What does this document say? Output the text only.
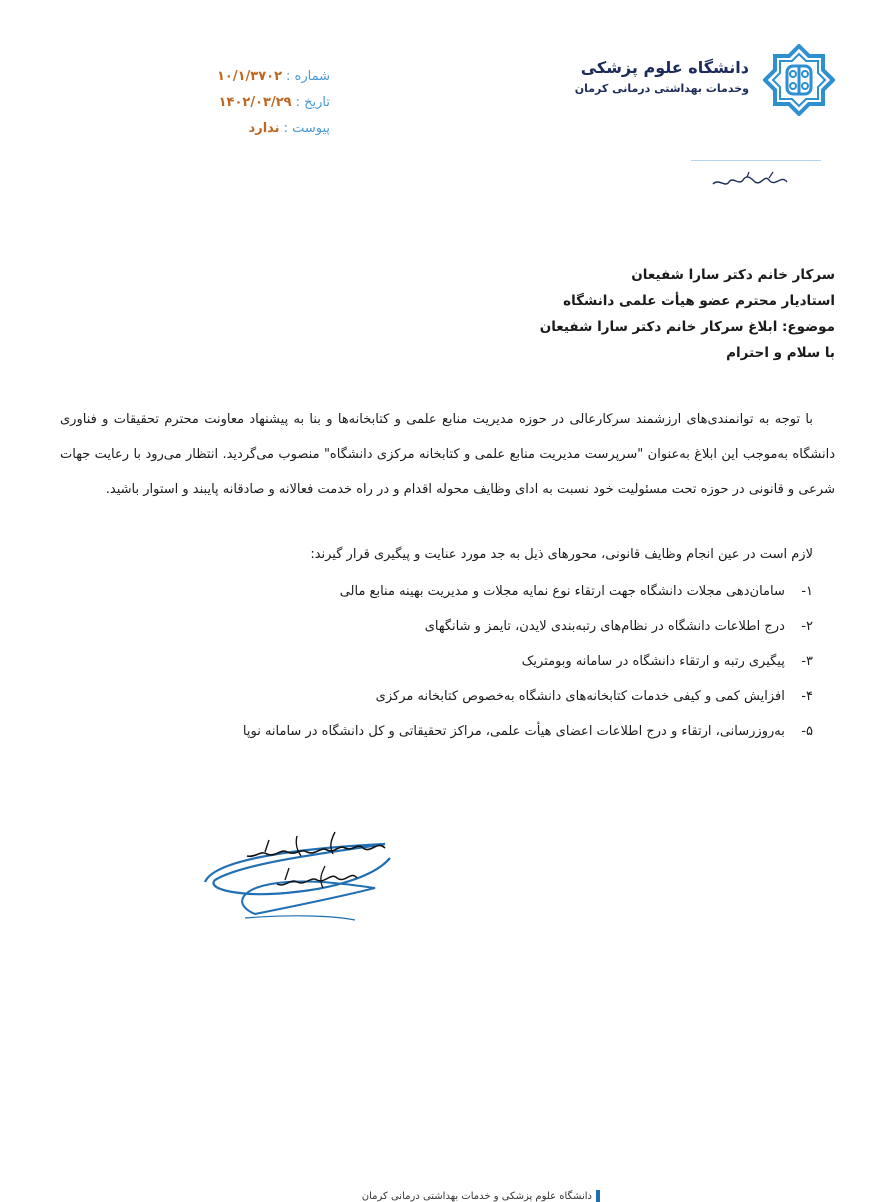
دانشگاه علوم پزشکی
وخدمات بهداشتی درمانی کرمان
شماره :
۱۰/۱/۳۷۰۲
تاریخ :
۱۴۰۲/۰۳/۲۹
پیوست :
ندارد
سرکار خانم دکتر سارا شفیعان
استادیار محترم عضو هیأت علمی دانشگاه
موضوع: ابلاغ سرکار خانم دکتر سارا شفیعان
با سلام و احترام
با توجه به توانمندی‌های ارزشمند سرکارعالی در حوزه مدیریت منابع علمی و کتابخانه‌ها و بنا به پیشنهاد معاونت محترم تحقیقات و فناوری دانشگاه به‌موجب این ابلاغ به‌عنوان "سرپرست مدیریت منابع علمی و کتابخانه مرکزی دانشگاه" منصوب می‌گردید. انتظار می‌رود با رعایت جهات شرعی و قانونی در حوزه تحت مسئولیت خود نسبت به ادای وظایف محوله اقدام و در راه خدمت فعالانه و صادقانه پایبند و استوار باشید.
لازم است در عین انجام وظایف قانونی، محورهای ذیل به جد مورد عنایت و پیگیری قرار گیرند:
۱- سامان‌دهی مجلات دانشگاه جهت ارتقاء نوع نمایه مجلات و مدیریت بهینه منابع مالی
۲- درج اطلاعات دانشگاه در نظام‌های رتبه‌بندی لایدن، تایمز و شانگهای
۳- پیگیری رتبه و ارتقاء دانشگاه در سامانه وبومتریک
۴- افزایش کمی و کیفی خدمات کتابخانه‌های دانشگاه به‌خصوص کتابخانه مرکزی
۵- به‌روزرسانی، ارتقاء و درج اطلاعات اعضای هیأت علمی، مراکز تحقیقاتی و کل دانشگاه در سامانه نوپا
دانشگاه علوم پزشکی و خدمات بهداشتی درمانی کرمان
